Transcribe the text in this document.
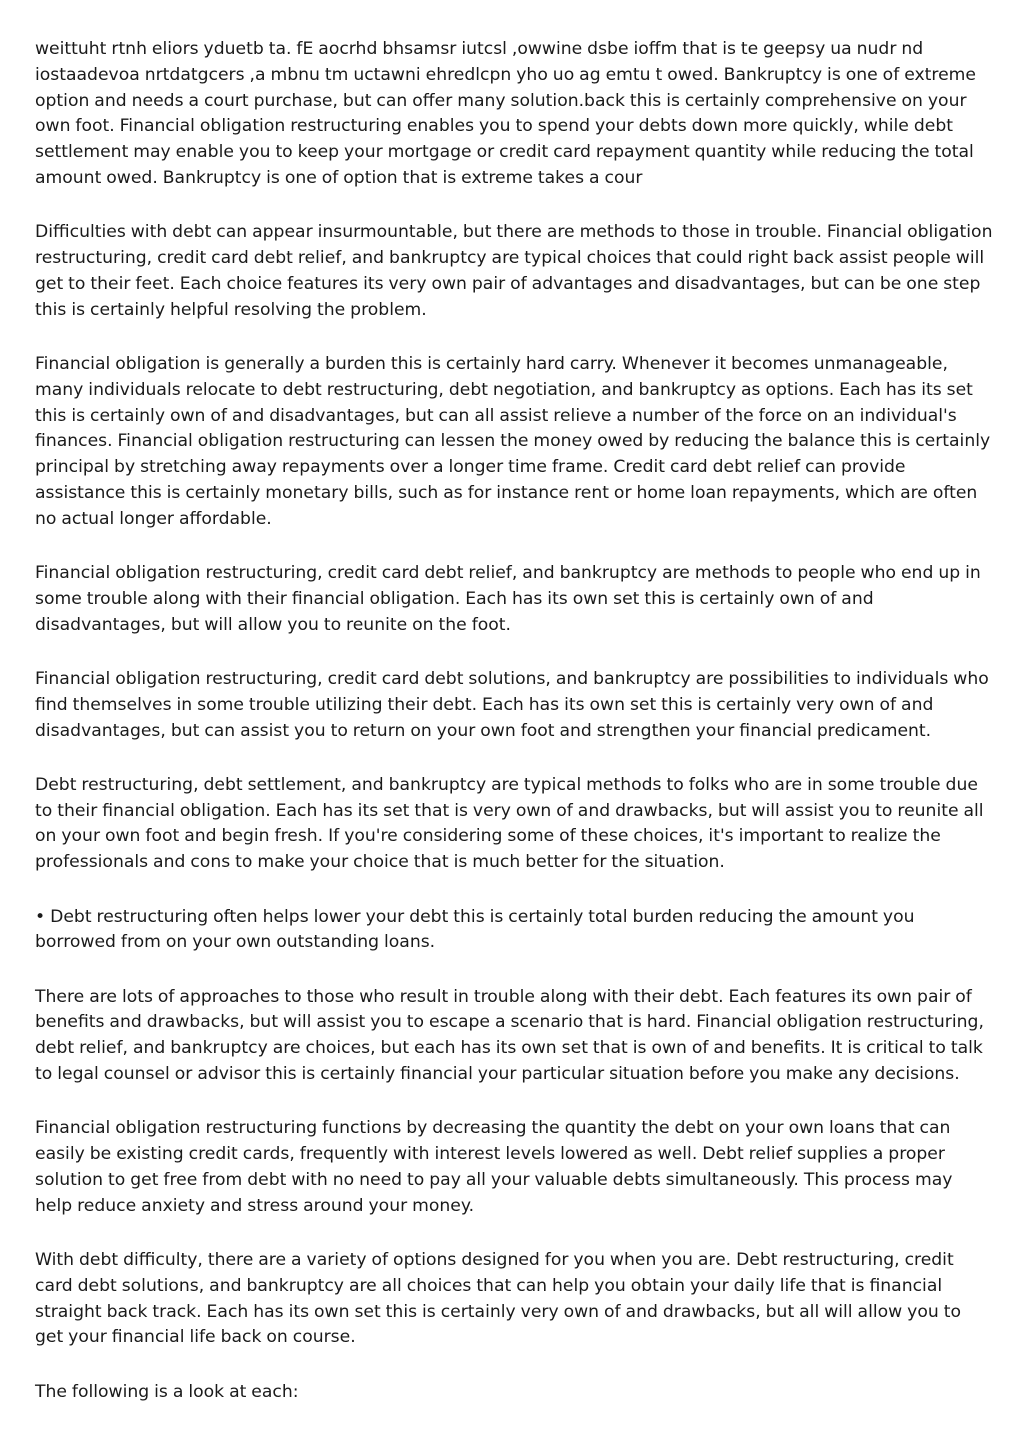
weittuht rtnh eliors yduetb ta. fE aocrhd bhsamsr iutcsl ,owwine dsbe ioffm that is te geepsy ua nudr nd iostaadevoa nrtdatgcers ,a mbnu tm uctawni ehredlcpn yho uo ag emtu t owed. Bankruptcy is one of extreme option and needs a court purchase, but can offer many solution.back this is certainly comprehensive on your own foot. Financial obligation restructuring enables you to spend your debts down more quickly, while debt settlement may enable you to keep your mortgage or credit card repayment quantity while reducing the total amount owed. Bankruptcy is one of option that is extreme takes a cour

Difficulties with debt can appear insurmountable, but there are methods to those in trouble. Financial obligation restructuring, credit card debt relief, and bankruptcy are typical choices that could right back assist people will get to their feet. Each choice features its very own pair of advantages and disadvantages, but can be one step this is certainly helpful resolving the problem.

Financial obligation is generally a burden this is certainly hard carry. Whenever it becomes unmanageable, many individuals relocate to debt restructuring, debt negotiation, and bankruptcy as options. Each has its set this is certainly own of and disadvantages, but can all assist relieve a number of the force on an individual's finances. Financial obligation restructuring can lessen the money owed by reducing the balance this is certainly principal by stretching away repayments over a longer time frame. Credit card debt relief can provide assistance this is certainly monetary bills, such as for instance rent or home loan repayments, which are often no actual longer affordable.

Financial obligation restructuring, credit card debt relief, and bankruptcy are methods to people who end up in some trouble along with their financial obligation. Each has its own set this is certainly own of and disadvantages, but will allow you to reunite on the foot.

Financial obligation restructuring, credit card debt solutions, and bankruptcy are possibilities to individuals who find themselves in some trouble utilizing their debt. Each has its own set this is certainly very own of and disadvantages, but can assist you to return on your own foot and strengthen your financial predicament.

Debt restructuring, debt settlement, and bankruptcy are typical methods to folks who are in some trouble due to their financial obligation. Each has its set that is very own of and drawbacks, but will assist you to reunite all on your own foot and begin fresh. If you're considering some of these choices, it's important to realize the professionals and cons to make your choice that is much better for the situation.

• Debt restructuring often helps lower your debt this is certainly total burden reducing the amount you borrowed from on your own outstanding loans.

There are lots of approaches to those who result in trouble along with their debt. Each features its own pair of benefits and drawbacks, but will assist you to escape a scenario that is hard. Financial obligation restructuring, debt relief, and bankruptcy are choices, but each has its own set that is own of and benefits. It is critical to talk to legal counsel or advisor this is certainly financial your particular situation before you make any decisions.

Financial obligation restructuring functions by decreasing the quantity the debt on your own loans that can easily be existing credit cards, frequently with interest levels lowered as well. Debt relief supplies a proper solution to get free from debt with no need to pay all your valuable debts simultaneously. This process may help reduce anxiety and stress around your money.

With debt difficulty, there are a variety of options designed for you when you are. Debt restructuring, credit card debt solutions, and bankruptcy are all choices that can help you obtain your daily life that is financial straight back track. Each has its own set this is certainly very own of and drawbacks, but all will allow you to get your financial life back on course.

The following is a look at each:
